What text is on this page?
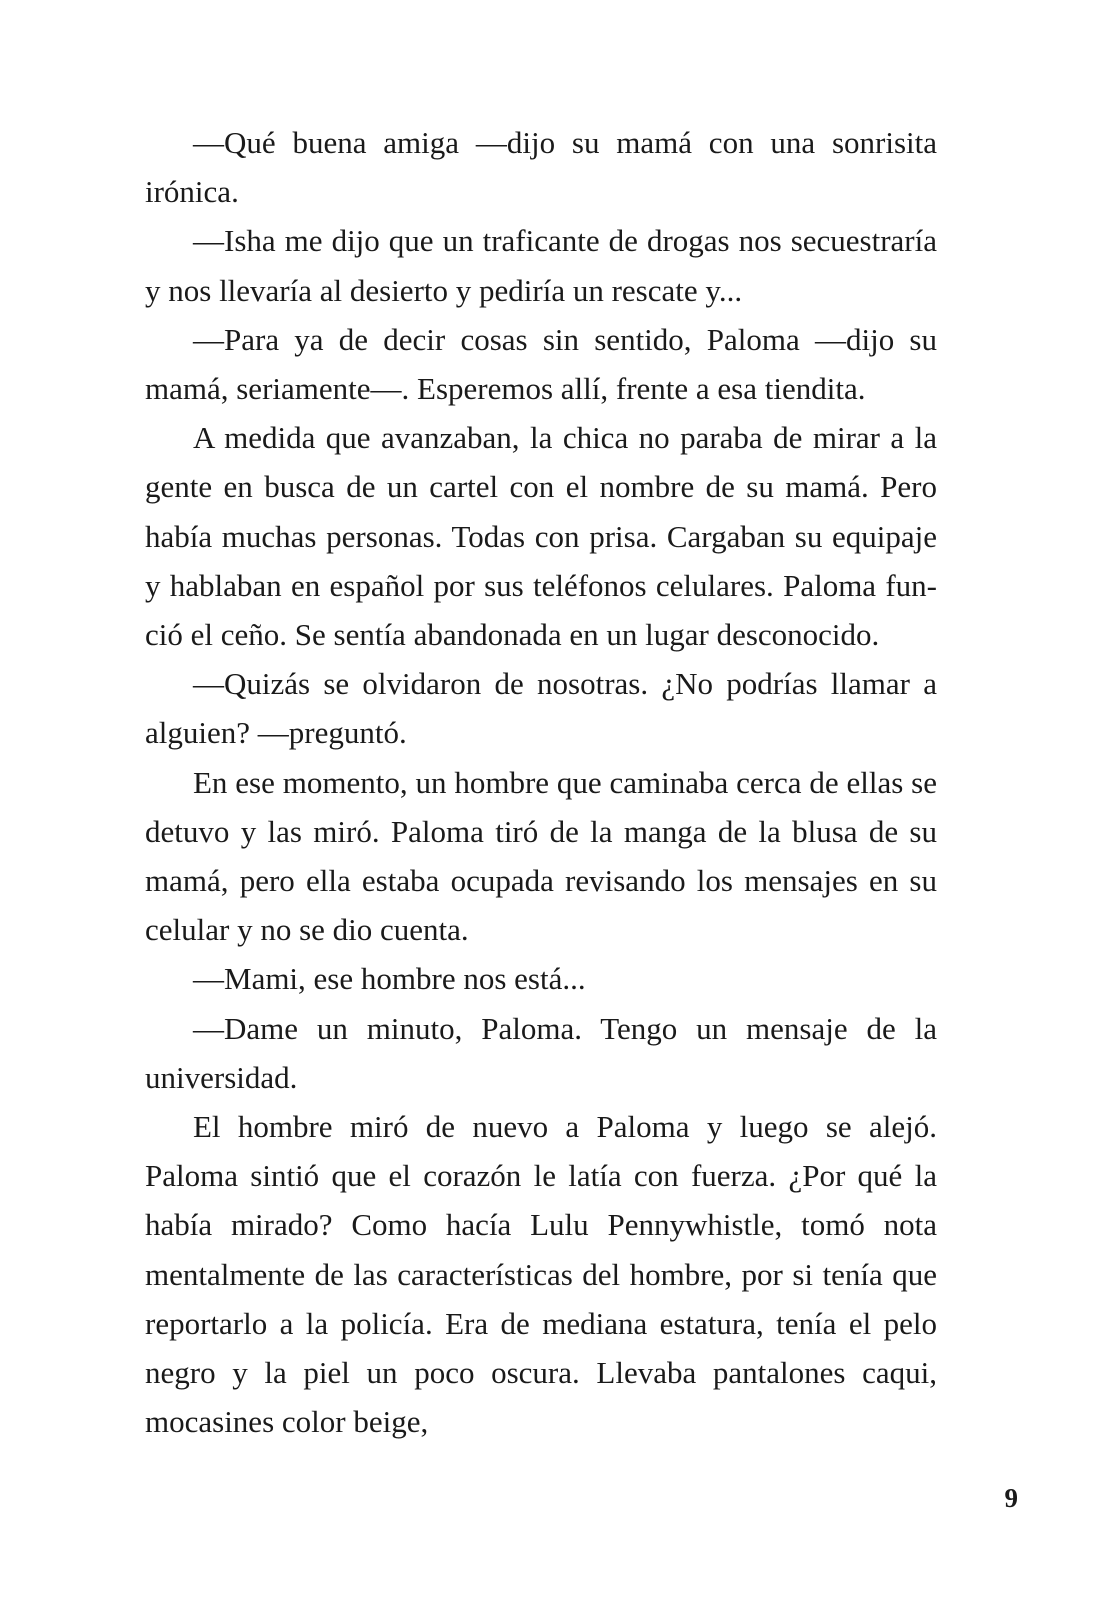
—Qué buena amiga —dijo su mamá con una sonrisita irónica.

—Isha me dijo que un traficante de drogas nos secuestraría y nos llevaría al desierto y pediría un rescate y...

—Para ya de decir cosas sin sentido, Paloma —dijo su mamá, seriamente—. Esperemos allí, frente a esa tiendita.

A medida que avanzaban, la chica no paraba de mirar a la gente en busca de un cartel con el nombre de su mamá. Pero había muchas personas. Todas con prisa. Cargaban su equipaje y hablaban en español por sus teléfonos celulares. Paloma funció el ceño. Se sentía abandonada en un lugar desconocido.

—Quizás se olvidaron de nosotras. ¿No podrías llamar a alguien? —preguntó.

En ese momento, un hombre que caminaba cerca de ellas se detuvo y las miró. Paloma tiró de la manga de la blusa de su mamá, pero ella estaba ocupada revisando los mensajes en su celular y no se dio cuenta.

—Mami, ese hombre nos está...

—Dame un minuto, Paloma. Tengo un mensaje de la universidad.

El hombre miró de nuevo a Paloma y luego se alejó. Paloma sintió que el corazón le latía con fuerza. ¿Por qué la había mirado? Como hacía Lulu Pennywhistle, tomó nota mentalmente de las características del hombre, por si tenía que reportarlo a la policía. Era de mediana estatura, tenía el pelo negro y la piel un poco oscura. Llevaba pantalones caqui, mocasines color beige,

9
